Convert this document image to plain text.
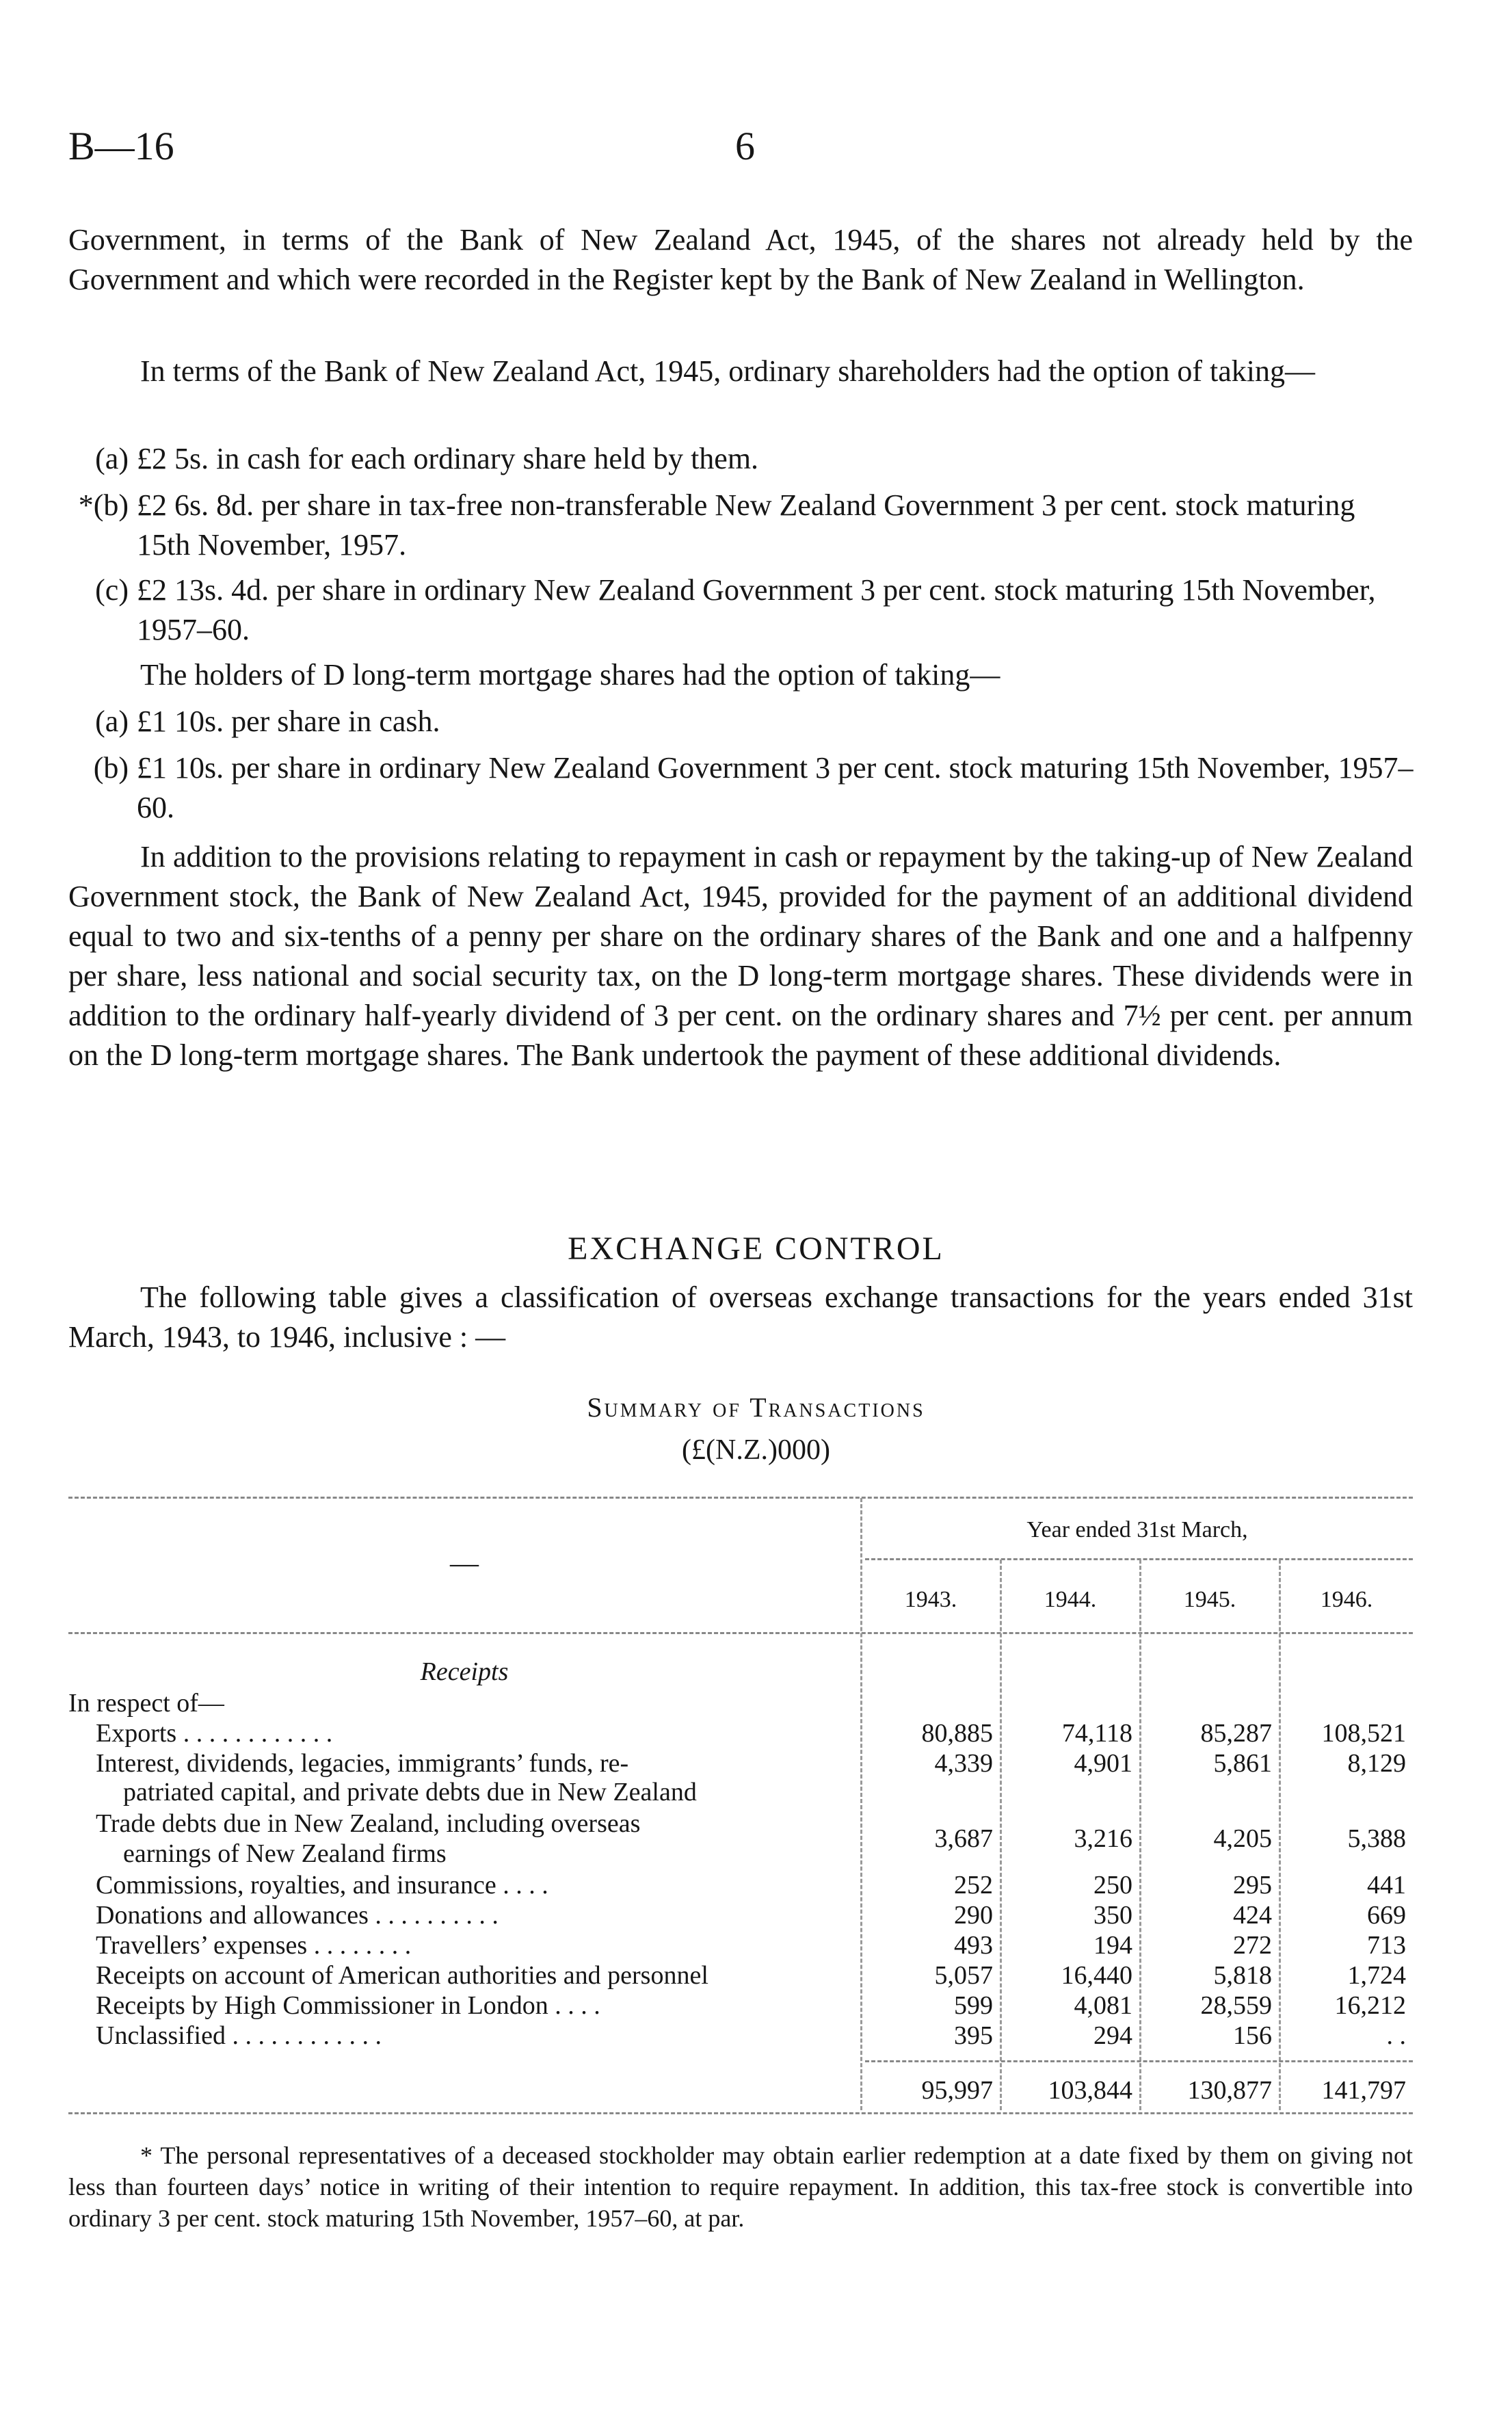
B—16	6

Government, in terms of the Bank of New Zealand Act, 1945, of the shares not already held by the Government and which were recorded in the Register kept by the Bank of New Zealand in Wellington.

In terms of the Bank of New Zealand Act, 1945, ordinary shareholders had the option of taking—

(a) £2 5s. in cash for each ordinary share held by them.
*(b) £2 6s. 8d. per share in tax-free non-transferable New Zealand Government 3 per cent. stock maturing 15th November, 1957.
(c) £2 13s. 4d. per share in ordinary New Zealand Government 3 per cent. stock maturing 15th November, 1957–60.

The holders of D long-term mortgage shares had the option of taking—

(a) £1 10s. per share in cash.
(b) £1 10s. per share in ordinary New Zealand Government 3 per cent. stock maturing 15th November, 1957–60.

In addition to the provisions relating to repayment in cash or repayment by the taking-up of New Zealand Government stock, the Bank of New Zealand Act, 1945, provided for the payment of an additional dividend equal to two and six-tenths of a penny per share on the ordinary shares of the Bank and one and a halfpenny per share, less national and social security tax, on the D long-term mortgage shares. These dividends were in addition to the ordinary half-yearly dividend of 3 per cent. on the ordinary shares and 7½ per cent. per annum on the D long-term mortgage shares. The Bank undertook the payment of these additional dividends.

EXCHANGE CONTROL

The following table gives a classification of overseas exchange transactions for the years ended 31st March, 1943, to 1946, inclusive : —

Summary of Transactions

(£(N.Z.)000)

—
Year ended 31st March,
1943.	1944.	1945.	1946.
Receipts
In respect of—
Exports . . . . . . . . . . . .	80,885	74,118	85,287	108,521
Interest, dividends, legacies, immigrants’ funds, re-
patriated capital, and private debts due in New Zealand
4,339	4,901	5,861	8,129
Trade debts due in New Zealand, including overseas
earnings of New Zealand firms
3,687	3,216	4,205	5,388
Commissions, royalties, and insurance . . . .	252	250	295	441
Donations and allowances . . . . . . . . . .	290	350	424	669
Travellers’ expenses . . . . . . . .	493	194	272	713
Receipts on account of American authorities and personnel	5,057	16,440	5,818	1,724
Receipts by High Commissioner in London . . . .	599	4,081	28,559	16,212
Unclassified . . . . . . . . . . . .	395	294	156	. .
95,997	103,844	130,877	141,797

* The personal representatives of a deceased stockholder may obtain earlier redemption at a date fixed by them on giving not less than fourteen days’ notice in writing of their intention to require repayment. In addition, this tax-free stock is convertible into ordinary 3 per cent. stock maturing 15th November, 1957–60, at par.
